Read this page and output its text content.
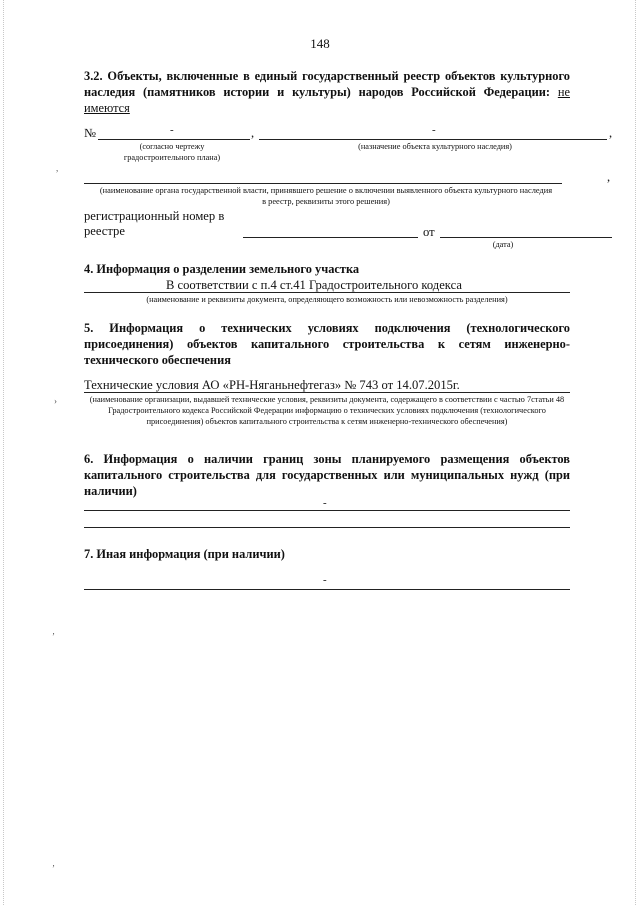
148
3.2. Объекты, включенные в единый государственный реестр объектов культурного наследия (памятников истории и культуры) народов Российской Федерации: не имеются
№	-	,	-	,
(согласно чертежу градостроительного плана)
(назначение объекта культурного наследия)
,
(наименование органа государственной власти, принявшего решение о включении выявленного объекта культурного наследия в реестр, реквизиты этого решения)
регистрационный номер в
реестре	от
(дата)
4. Информация о разделении земельного участка
В соответствии с п.4 ст.41 Градостроительного кодекса
(наименование и реквизиты документа, определяющего возможность или невозможность разделения)
5. Информация о технических условиях подключения (технологического присоединения) объектов капитального строительства к сетям инженерно-технического обеспечения
Технические условия АО «РН-Няганьнефтегаз» № 743 от 14.07.2015г.
(наименование организации, выдавшей технические условия, реквизиты документа, содержащего в соответствии с частью 7статьи 48 Градостроительного кодекса Российской Федерации информацию о технических условиях подключения (технологического присоединения) объектов капитального строительства к сетям инженерно-технического обеспечения)
6. Информация о наличии границ зоны планируемого размещения объектов капитального строительства для государственных или муниципальных нужд (при наличии)
-
7. Иная информация (при наличии)
-
,
›
‚
‚
